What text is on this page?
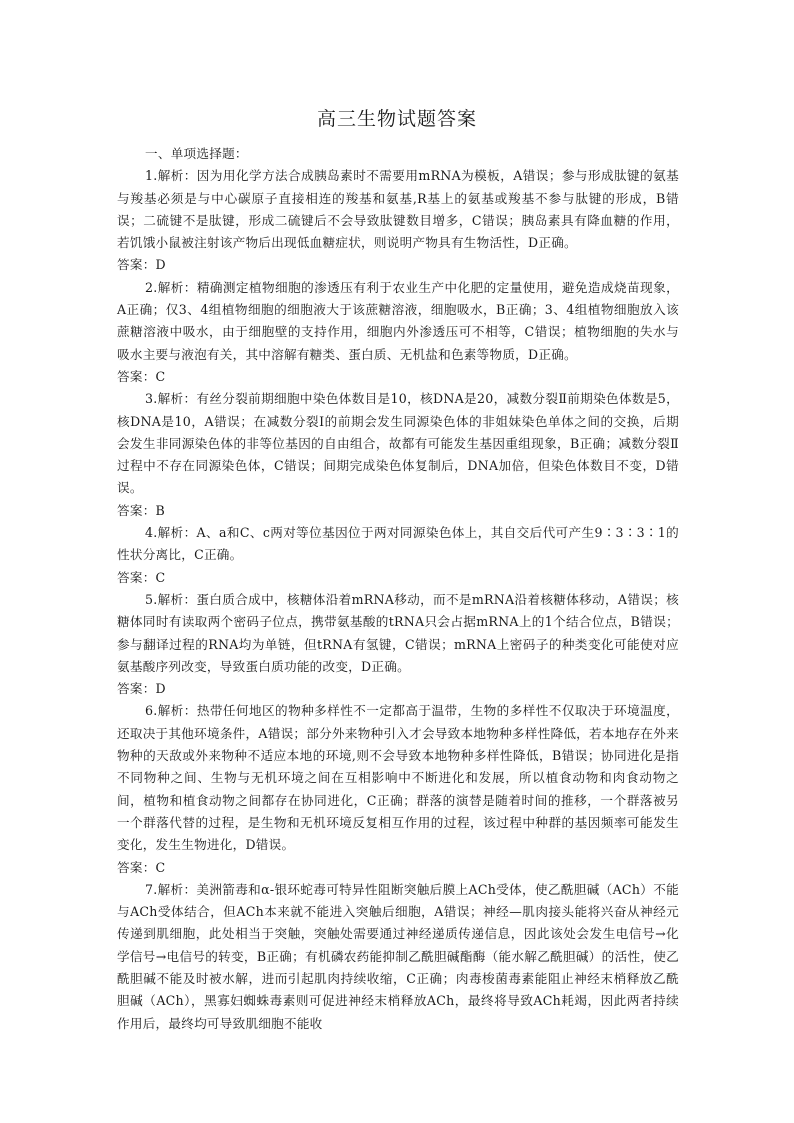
高三生物试题答案

一、单项选择题：

1.解析：因为用化学方法合成胰岛素时不需要用mRNA为模板，A错误；参与形成肽键的氨基与羧基必须是与中心碳原子直接相连的羧基和氨基,R基上的氨基或羧基不参与肽键的形成，B错误；二硫键不是肽键，形成二硫键后不会导致肽键数目增多，C错误；胰岛素具有降血糖的作用，若饥饿小鼠被注射该产物后出现低血糖症状，则说明产物具有生物活性，D正确。

答案：D

2.解析：精确测定植物细胞的渗透压有利于农业生产中化肥的定量使用，避免造成烧苗现象，A正确；仅3、4组植物细胞的细胞液大于该蔗糖溶液，细胞吸水，B正确；3、4组植物细胞放入该蔗糖溶液中吸水，由于细胞壁的支持作用，细胞内外渗透压可不相等，C错误；植物细胞的失水与吸水主要与液泡有关，其中溶解有糖类、蛋白质、无机盐和色素等物质，D正确。

答案：C

3.解析：有丝分裂前期细胞中染色体数目是10，核DNA是20，减数分裂Ⅱ前期染色体数是5，核DNA是10，A错误；在减数分裂Ⅰ的前期会发生同源染色体的非姐妹染色单体之间的交换，后期会发生非同源染色体的非等位基因的自由组合，故都有可能发生基因重组现象，B正确；减数分裂Ⅱ过程中不存在同源染色体，C错误；间期完成染色体复制后，DNA加倍，但染色体数目不变，D错误。

答案：B

4.解析：A、a和C、c两对等位基因位于两对同源染色体上，其自交后代可产生9∶3∶3∶1的性状分离比，C正确。

答案：C

5.解析：蛋白质合成中，核糖体沿着mRNA移动，而不是mRNA沿着核糖体移动，A错误；核糖体同时有读取两个密码子位点，携带氨基酸的tRNA只会占据mRNA上的1个结合位点，B错误；参与翻译过程的RNA均为单链，但tRNA有氢键，C错误；mRNA上密码子的种类变化可能使对应氨基酸序列改变，导致蛋白质功能的改变，D正确。

答案：D

6.解析：热带任何地区的物种多样性不一定都高于温带，生物的多样性不仅取决于环境温度，还取决于其他环境条件，A错误；部分外来物种引入才会导致本地物种多样性降低，若本地存在外来物种的天敌或外来物种不适应本地的环境,则不会导致本地物种多样性降低，B错误；协同进化是指不同物种之间、生物与无机环境之间在互相影响中不断进化和发展，所以植食动物和肉食动物之间，植物和植食动物之间都存在协同进化，C正确；群落的演替是随着时间的推移，一个群落被另一个群落代替的过程，是生物和无机环境反复相互作用的过程，该过程中种群的基因频率可能发生变化，发生生物进化，D错误。

答案：C

7.解析：美洲箭毒和α-银环蛇毒可特异性阻断突触后膜上ACh受体，使乙酰胆碱（ACh）不能与ACh受体结合，但ACh本来就不能进入突触后细胞，A错误；神经—肌肉接头能将兴奋从神经元传递到肌细胞，此处相当于突触，突触处需要通过神经递质传递信息，因此该处会发生电信号→化学信号→电信号的转变，B正确；有机磷农药能抑制乙酰胆碱酯酶（能水解乙酰胆碱）的活性，使乙酰胆碱不能及时被水解，进而引起肌肉持续收缩，C正确；肉毒梭菌毒素能阻止神经末梢释放乙酰胆碱（ACh），黑寡妇蜘蛛毒素则可促进神经末梢释放ACh，最终将导致ACh耗竭，因此两者持续作用后，最终均可导致肌细胞不能收
